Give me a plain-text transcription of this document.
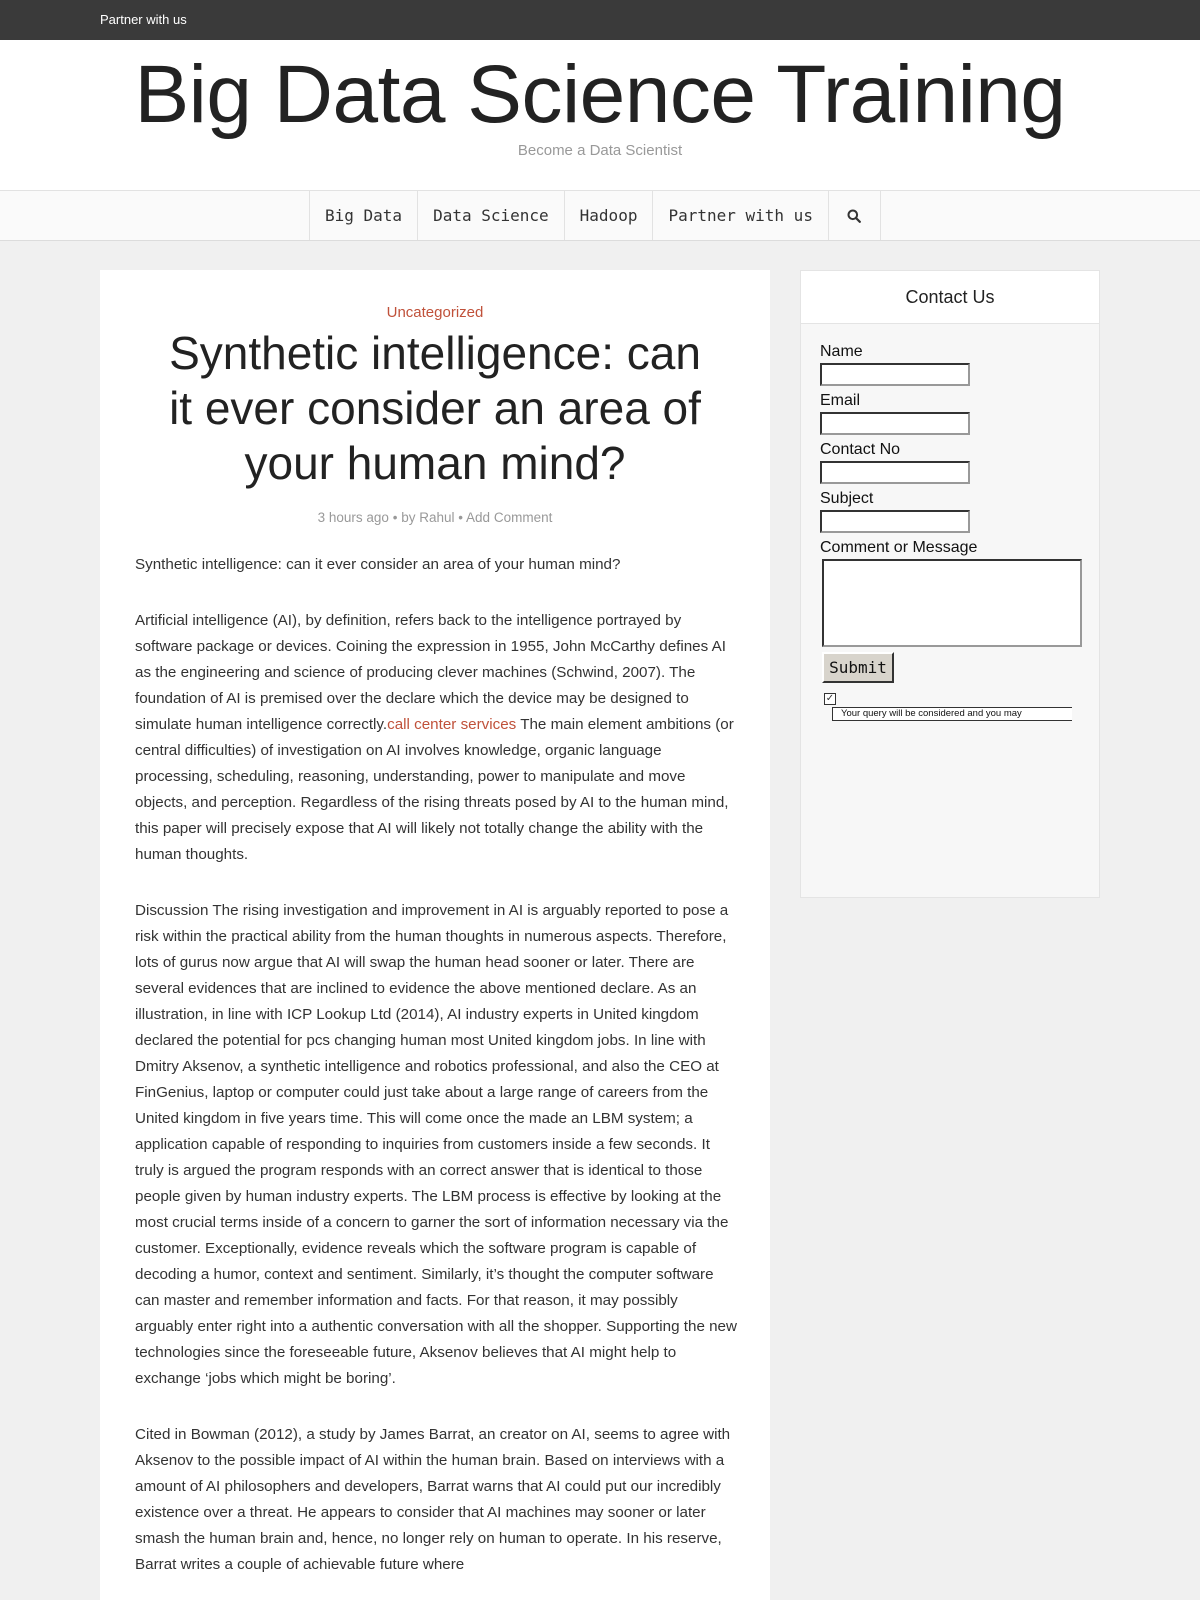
Partner with us
Big Data Science Training
Become a Data Scientist
Big Data	Data Science	Hadoop	Partner with us
Uncategorized
Synthetic intelligence: can it ever consider an area of your human mind?
3 hours ago • by Rahul • Add Comment

Synthetic intelligence: can it ever consider an area of your human mind?

Artificial intelligence (AI), by definition, refers back to the intelligence portrayed by software package or devices. Coining the expression in 1955, John McCarthy defines AI as the engineering and science of producing clever machines (Schwind, 2007). The foundation of AI is premised over the declare which the device may be designed to simulate human intelligence correctly.call center services The main element ambitions (or central difficulties) of investigation on AI involves knowledge, organic language processing, scheduling, reasoning, understanding, power to manipulate and move objects, and perception. Regardless of the rising threats posed by AI to the human mind, this paper will precisely expose that AI will likely not totally change the ability with the human thoughts.

Discussion The rising investigation and improvement in AI is arguably reported to pose a risk within the practical ability from the human thoughts in numerous aspects. Therefore, lots of gurus now argue that AI will swap the human head sooner or later. There are several evidences that are inclined to evidence the above mentioned declare. As an illustration, in line with ICP Lookup Ltd (2014), AI industry experts in United kingdom declared the potential for pcs changing human most United kingdom jobs. In line with Dmitry Aksenov, a synthetic intelligence and robotics professional, and also the CEO at FinGenius, laptop or computer could just take about a large range of careers from the United kingdom in five years time. This will come once the made an LBM system; a application capable of responding to inquiries from customers inside a few seconds. It truly is argued the program responds with an correct answer that is identical to those people given by human industry experts. The LBM process is effective by looking at the most crucial terms inside of a concern to garner the sort of information necessary via the customer. Exceptionally, evidence reveals which the software program is capable of decoding a humor, context and sentiment. Similarly, it’s thought the computer software can master and remember information and facts. For that reason, it may possibly arguably enter right into a authentic conversation with all the shopper. Supporting the new technologies since the foreseeable future, Aksenov believes that AI might help to exchange ‘jobs which might be boring’.

Cited in Bowman (2012), a study by James Barrat, an creator on AI, seems to agree with Aksenov to the possible impact of AI within the human brain. Based on interviews with a amount of AI philosophers and developers, Barrat warns that AI could put our incredibly existence over a threat. He appears to consider that AI machines may sooner or later smash the human brain and, hence, no longer rely on human to operate. In his reserve, Barrat writes a couple of achievable future where

Contact Us
Name
Email
Contact No
Subject
Comment or Message
Submit
✓
Your query will be considered and you may
